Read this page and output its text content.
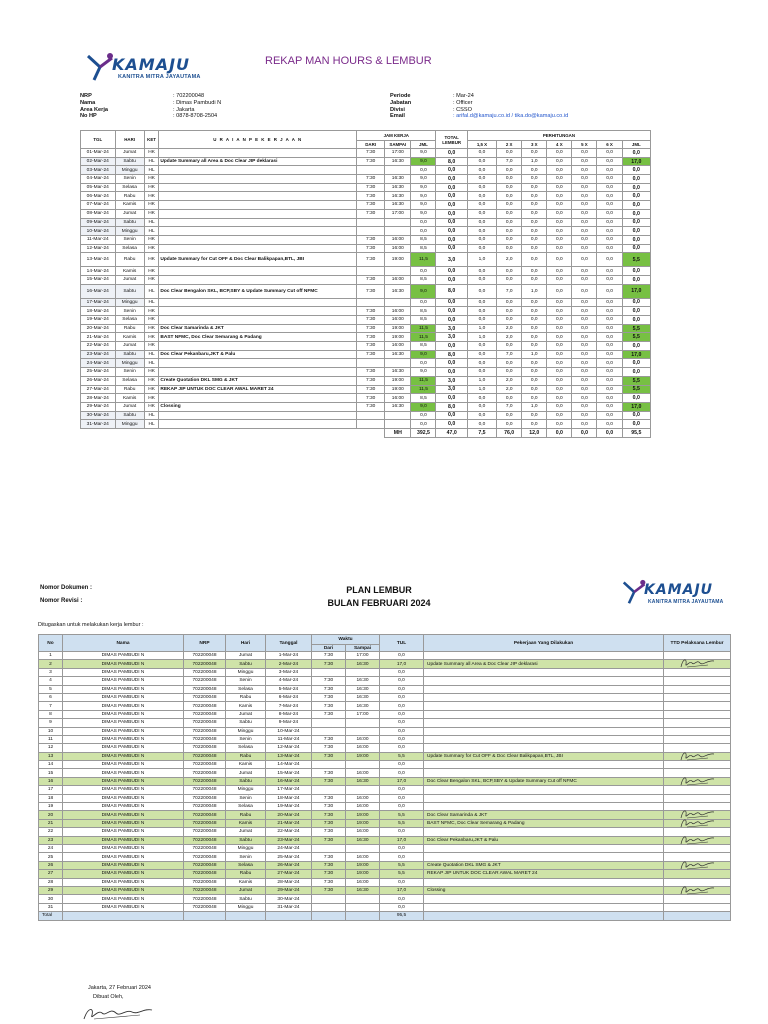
KAMAJU
KANITRA MITRA JAYAUTAMA
REKAP MAN HOURS & LEMBUR
NRP	: 702200048
Nama	: Dimas Pambudi N
Area Kerja	: Jakarta
No HP	: 0878-8708-2504
Periode	: Mar-24
Jabatan	: Officer
Divisi	: CSSO
Email	: arifal.d@kamaju.co.id / tika.do@kamaju.co.id
TGL	HARI	KET	U R A I A N P E K E R J A A N	JAM KERJA			TOTAL LEMBUR	PERHITUNGAN						
				DARI	SAMPAI	JML		1,5 X	2 X	3 X	4 X	5 X	6 X	JML
01-Mar-24	Jumat	HK		7:30	17:00	9,0	0,0	0,0	0,0	0,0	0,0	0,0	0,0	0,0
02-Mar-24	Sabtu	HL	Update Summary all Area & Doc Clear JIP deklarasi	7:30	16:30	9,0	8,0	0,0	7,0	1,0	0,0	0,0	0,0	17,0
03-Mar-24	Minggu	HL				0,0	0,0	0,0	0,0	0,0	0,0	0,0	0,0	0,0
04-Mar-24	Senin	HK		7:30	16:30	9,0	0,0	0,0	0,0	0,0	0,0	0,0	0,0	0,0
05-Mar-24	Selasa	HK		7:30	16:30	9,0	0,0	0,0	0,0	0,0	0,0	0,0	0,0	0,0
06-Mar-24	Rabu	HK		7:30	16:30	9,0	0,0	0,0	0,0	0,0	0,0	0,0	0,0	0,0
07-Mar-24	Kamis	HK		7:30	16:30	9,0	0,0	0,0	0,0	0,0	0,0	0,0	0,0	0,0
08-Mar-24	Jumat	HK		7:30	17:00	9,0	0,0	0,0	0,0	0,0	0,0	0,0	0,0	0,0
09-Mar-24	Sabtu	HL				0,0	0,0	0,0	0,0	0,0	0,0	0,0	0,0	0,0
10-Mar-24	Minggu	HL				0,0	0,0	0,0	0,0	0,0	0,0	0,0	0,0	0,0
11-Mar-24	Senin	HK		7:30	16:00	8,5	0,0	0,0	0,0	0,0	0,0	0,0	0,0	0,0
12-Mar-24	Selasa	HK		7:30	16:00	8,5	0,0	0,0	0,0	0,0	0,0	0,0	0,0	0,0
13-Mar-24	Rabu	HK	Update Summary for Cut OFF & Doc Clear Balikpapan,BTL, JBI	7:30	19:00	11,5	3,0	1,0	2,0	0,0	0,0	0,0	0,0	5,5
14-Mar-24	Kamis	HK				0,0	0,0	0,0	0,0	0,0	0,0	0,0	0,0	0,0
15-Mar-24	Jumat	HK		7:30	16:00	8,5	0,0	0,0	0,0	0,0	0,0	0,0	0,0	0,0
16-Mar-24	Sabtu	HL	Doc Clear Bengalon SKL, BCP,SBY & Update Summary Cut off NFMC	7:30	16:30	9,0	8,0	0,0	7,0	1,0	0,0	0,0	0,0	17,0
17-Mar-24	Minggu	HL				0,0	0,0	0,0	0,0	0,0	0,0	0,0	0,0	0,0
18-Mar-24	Senin	HK		7:30	16:00	8,5	0,0	0,0	0,0	0,0	0,0	0,0	0,0	0,0
19-Mar-24	Selasa	HK		7:30	16:00	8,5	0,0	0,0	0,0	0,0	0,0	0,0	0,0	0,0
20-Mar-24	Rabu	HK	Doc Clear Samarinda & JKT	7:30	19:00	11,5	3,0	1,0	2,0	0,0	0,0	0,0	0,0	5,5
21-Mar-24	Kamis	HK	BAST NFMC, Doc Clear Semarang & Padang	7:30	19:00	11,5	3,0	1,0	2,0	0,0	0,0	0,0	0,0	5,5
22-Mar-24	Jumat	HK		7:30	16:00	8,5	0,0	0,0	0,0	0,0	0,0	0,0	0,0	0,0
23-Mar-24	Sabtu	HL	Doc Clear Pekanbaru,JKT & Palu	7:30	16:30	9,0	8,0	0,0	7,0	1,0	0,0	0,0	0,0	17,0
24-Mar-24	Minggu	HL				0,0	0,0	0,0	0,0	0,0	0,0	0,0	0,0	0,0
25-Mar-24	Senin	HK		7:30	16:30	9,0	0,0	0,0	0,0	0,0	0,0	0,0	0,0	0,0
26-Mar-24	Selasa	HK	Create Quotation DKL SMG & JKT	7:30	19:00	11,5	3,0	1,0	2,0	0,0	0,0	0,0	0,0	5,5
27-Mar-24	Rabu	HK	REKAP JIP UNTUK DOC CLEAR AWAL MARET 24	7:30	19:00	11,5	3,0	1,0	2,0	0,0	0,0	0,0	0,0	5,5
28-Mar-24	Kamis	HK		7:30	16:00	8,5	0,0	0,0	0,0	0,0	0,0	0,0	0,0	0,0
29-Mar-24	Jumat	HK	Clossing	7:30	16:30	9,0	8,0	0,0	7,0	1,0	0,0	0,0	0,0	17,0
30-Mar-24	Sabtu	HL				0,0	0,0	0,0	0,0	0,0	0,0	0,0	0,0	0,0
31-Mar-24	Minggu	HL				0,0	0,0	0,0	0,0	0,0	0,0	0,0	0,0	0,0
					MH	392,5	47,0	7,5	76,0	12,0	0,0	0,0	0,0	95,5
Nomor Dokumen :
Nomor Revisi :
PLAN LEMBUR
BULAN FEBRUARI 2024
KAMAJU
KANITRA MITRA JAYAUTAMA
Ditugaskan untuk melakukan kerja lembur :
No	Nama	NRP	Hari	Tanggal	Waktu		TUL	Pekerjaan Yang Dilakukan	TTD Pelaksana Lembur
					Dari	Sampai			
1	DIMAS PAMBUDI N	702200048	Jumat	1-Mar-24	7:30	17:00	0,0		
2	DIMAS PAMBUDI N	702200048	Sabtu	2-Mar-24	7:30	16:30	17,0	Update Summary all Area & Doc Clear JIP deklarasi	

3	DIMAS PAMBUDI N	702200048	Minggu	3-Mar-24			0,0		
4	DIMAS PAMBUDI N	702200048	Senin	4-Mar-24	7:30	16:30	0,0		
5	DIMAS PAMBUDI N	702200048	Selasa	5-Mar-24	7:30	16:30	0,0		
6	DIMAS PAMBUDI N	702200048	Rabu	6-Mar-24	7:30	16:30	0,0		
7	DIMAS PAMBUDI N	702200048	Kamis	7-Mar-24	7:30	16:30	0,0		
8	DIMAS PAMBUDI N	702200048	Jumat	8-Mar-24	7:30	17:00	0,0		
9	DIMAS PAMBUDI N	702200048	Sabtu	9-Mar-24			0,0		
10	DIMAS PAMBUDI N	702200048	Minggu	10-Mar-24			0,0		
11	DIMAS PAMBUDI N	702200048	Senin	11-Mar-24	7:30	16:00	0,0		
12	DIMAS PAMBUDI N	702200048	Selasa	12-Mar-24	7:30	16:00	0,0		
13	DIMAS PAMBUDI N	702200048	Rabu	13-Mar-24	7:30	19:00	5,5	Update Summary for Cut OFF & Doc Clear Balikpapan,BTL, JBI	

14	DIMAS PAMBUDI N	702200048	Kamis	14-Mar-24			0,0		
15	DIMAS PAMBUDI N	702200048	Jumat	15-Mar-24	7:30	16:00	0,0		
16	DIMAS PAMBUDI N	702200048	Sabtu	16-Mar-24	7:30	16:30	17,0	Doc Clear Bengalon SKL, BCP,SBY & Update Summary Cut off NFMC	

17	DIMAS PAMBUDI N	702200048	Minggu	17-Mar-24			0,0		
18	DIMAS PAMBUDI N	702200048	Senin	18-Mar-24	7:30	16:00	0,0		
19	DIMAS PAMBUDI N	702200048	Selasa	19-Mar-24	7:30	16:00	0,0		
20	DIMAS PAMBUDI N	702200048	Rabu	20-Mar-24	7:30	19:00	5,5	Doc Clear Samarinda & JKT	

21	DIMAS PAMBUDI N	702200048	Kamis	21-Mar-24	7:30	19:00	5,5	BAST NFMC, Doc Clear Semarang & Padang	

22	DIMAS PAMBUDI N	702200048	Jumat	22-Mar-24	7:30	16:00	0,0		
23	DIMAS PAMBUDI N	702200048	Sabtu	23-Mar-24	7:30	16:30	17,0	Doc Clear Pekanbaru,JKT & Palu	

24	DIMAS PAMBUDI N	702200048	Minggu	24-Mar-24			0,0		
25	DIMAS PAMBUDI N	702200048	Senin	25-Mar-24	7:30	16:00	0,0		
26	DIMAS PAMBUDI N	702200048	Selasa	26-Mar-24	7:30	19:00	5,5	Create Quotation DKL SMG & JKT	

27	DIMAS PAMBUDI N	702200048	Rabu	27-Mar-24	7:30	19:00	5,5	REKAP JIP UNTUK DOC CLEAR AWAL MARET 24	
28	DIMAS PAMBUDI N	702200048	Kamis	28-Mar-24	7:30	16:00	0,0		
29	DIMAS PAMBUDI N	702200048	Jumat	29-Mar-24	7:30	16:30	17,0	Clossing	

30	DIMAS PAMBUDI N	702200048	Sabtu	30-Mar-24			0,0		
31	DIMAS PAMBUDI N	702200048	Minggu	31-Mar-24			0,0		
Total							95,5		

Jakarta, 27 Februari 2024
Dibuat Oleh,
